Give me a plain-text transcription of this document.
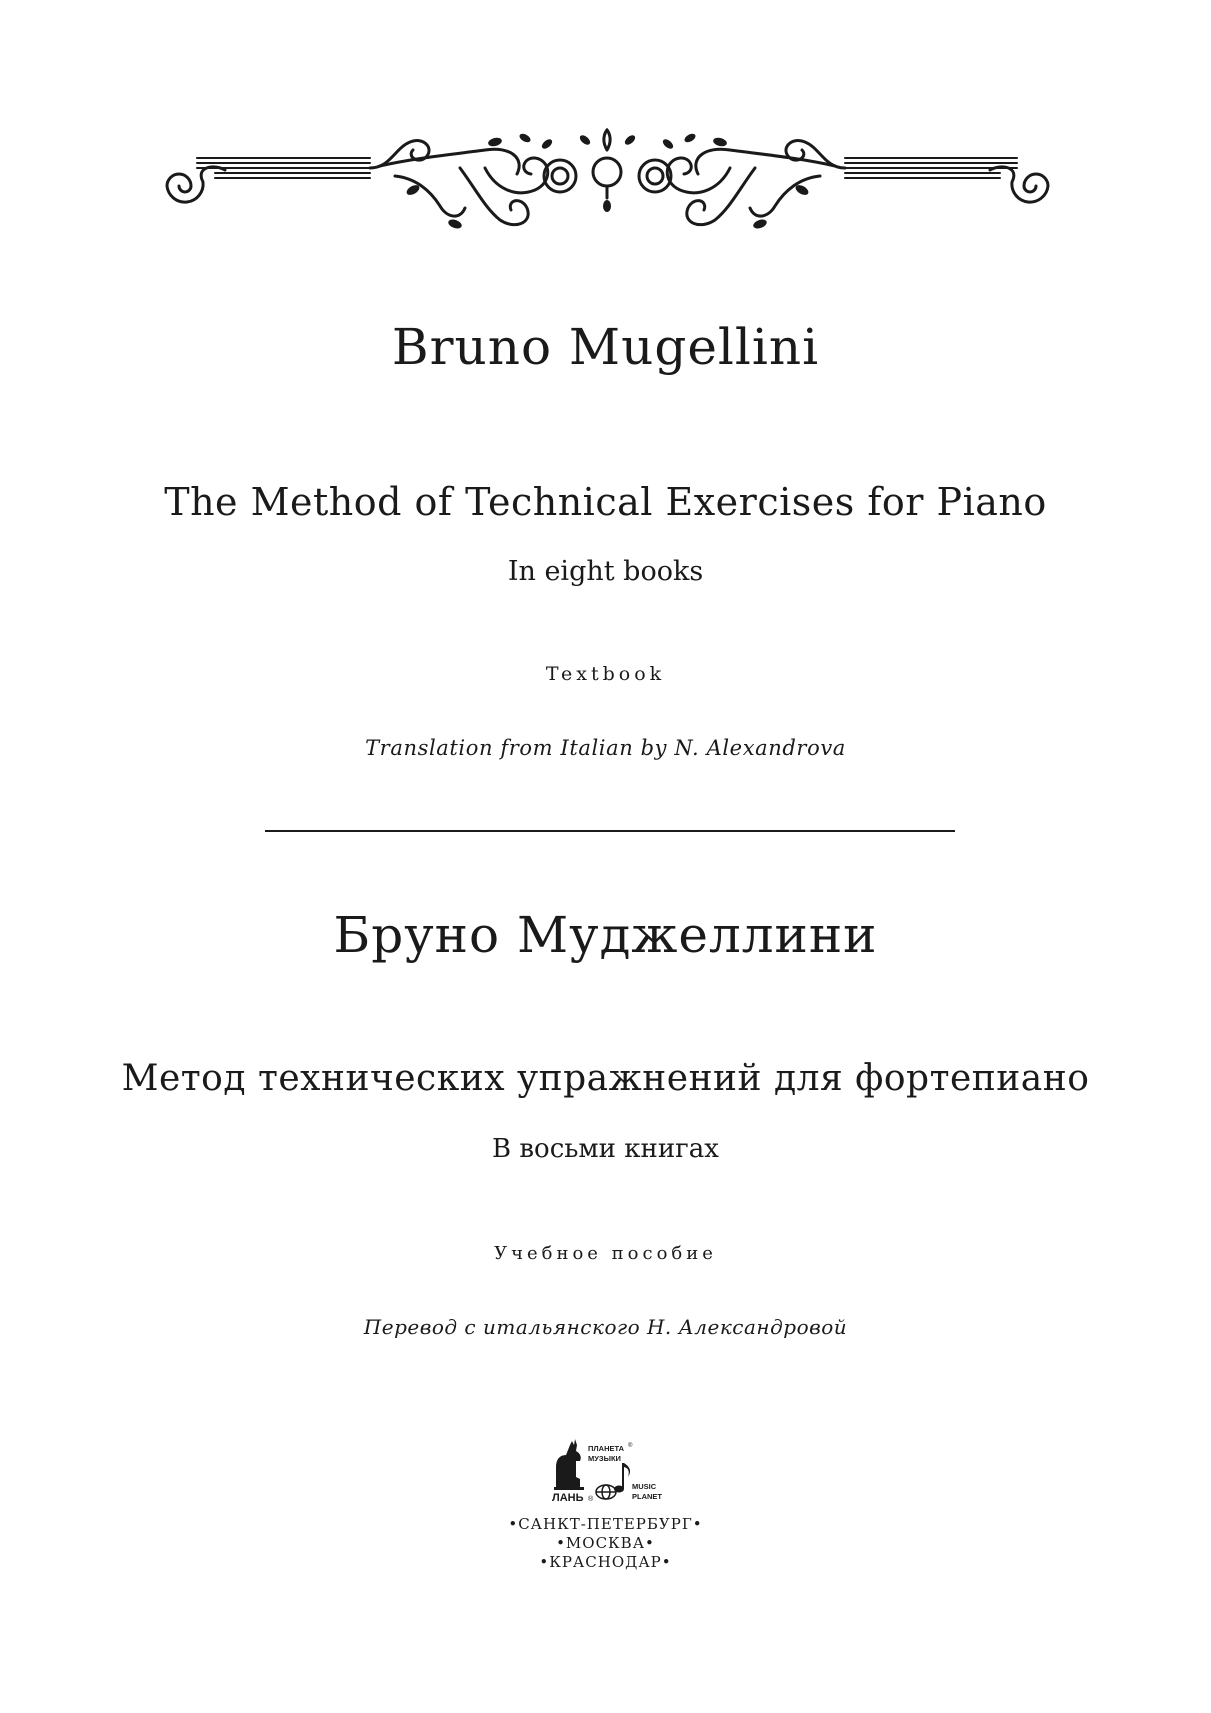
Bruno Mugellini
The Method of Technical Exercises for Piano
In eight books
Textbook
Translation from Italian by N. Alexandrova
Бруно Муджеллини
Метод технических упражнений для фортепиано
В восьми книгах
Учебное пособие
Перевод с итальянского Н. Александровой
ЛАНЬ ®
ПЛАНЕТА
МУЗЫКИ
®
MUSIC
PLANET
•САНКТ-ПЕТЕРБУРГ•
•МОСКВА•
•КРАСНОДАР•
